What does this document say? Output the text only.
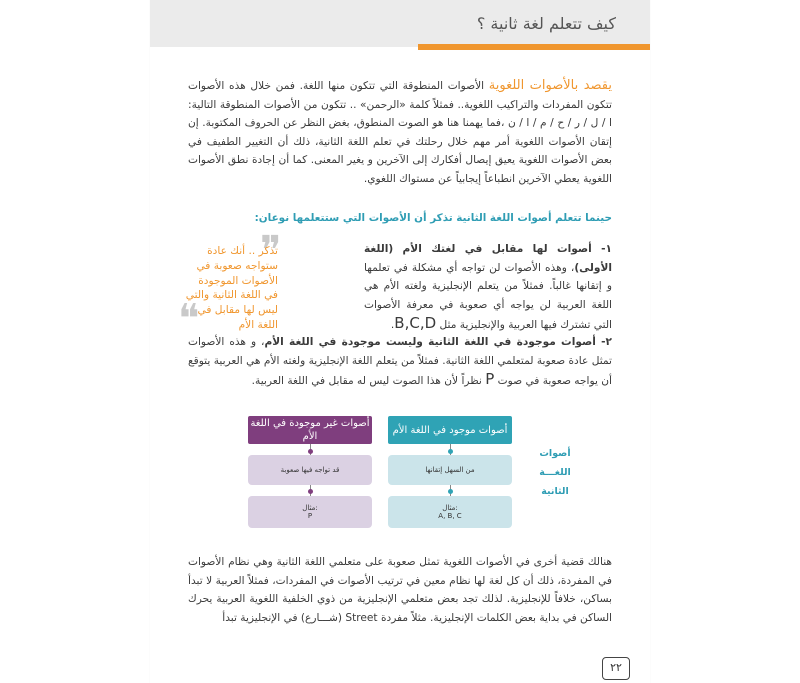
كيف تتعلم لغة ثانية ؟
يقصد بالأصوات اللغوية الأصوات المنطوقة التي تتكون منها اللغة. فمن خلال هذه الأصوات تتكون المفردات والتراكيب اللغوية.. فمثلاً كلمة «الرحمن» .. تتكون من الأصوات المنطوقة التالية: ا / ل / ر / ح / م / ا / ن ،فما يهمنا هنا هو الصوت المنطوق، بغض النظر عن الحروف المكتوبة. إن إتقان الأصوات اللغوية أمر مهم خلال رحلتك في تعلم اللغة الثانية، ذلك أن التغيير الطفيف في بعض الأصوات اللغوية يعيق إيصال أفكارك إلى الآخرين و يغير المعنى. كما أن إجادة نطق الأصوات اللغوية يعطي الآخرين انطباعاً إيجابياً عن مستواك اللغوي.
حينما تتعلم أصوات اللغة الثانية تذكر أن الأصوات التي ستتعلمها نوعان:
١- أصوات لها مقابل في لغتك الأم (اللغة الأولى)، وهذه الأصوات لن تواجه أي مشكلة في تعلمها و إتقانها غالباً. فمثلاً من يتعلم الإنجليزية ولغته الأم هي اللغة العربية لن يواجه أي صعوبة في معرفة الأصوات التي تشترك فيها العربية والإنجليزية مثل B,C,D.
❞
تذكر .. أنك عادة ستواجه صعوبة في الأصوات الموجودة في اللغة الثانية والتي ليس لها مقابل في اللغة الأم
❝	٢- أصوات موجودة في اللغة الثانية وليست موجودة في اللغة الأم، و هذه الأصوات تمثل عادة صعوبة لمتعلمي اللغة الثانية. فمثلاً من يتعلم اللغة الإنجليزية ولغته الأم هي العربية يتوقع أن يواجه صعوبة في صوت P نظراً لأن هذا الصوت ليس له مقابل في اللغة العربية.
أصوات
اللغـــة
الثانية
أصوات موجود في اللغة الأم
أصوات غير موجودة في اللغة الأم
من السهل إتقانها
مثال:
A, B, C
قد تواجه فيها صعوبة
مثال:
P
هنالك قضية أخرى في الأصوات اللغوية تمثل صعوبة على متعلمي اللغة الثانية وهي نظام الأصوات في المفردة، ذلك أن كل لغة لها نظام معين في ترتيب الأصوات في المفردات، فمثلاً العربية لا تبدأ بساكن، خلافاً للإنجليزية. لذلك تجد بعض متعلمي الإنجليزية من ذوي الخلفية اللغوية العربية يحرك الساكن في بداية بعض الكلمات الإنجليزية. مثلاً مفردة Street (شـــارع) في الإنجليزية تبدأ
٢٢
